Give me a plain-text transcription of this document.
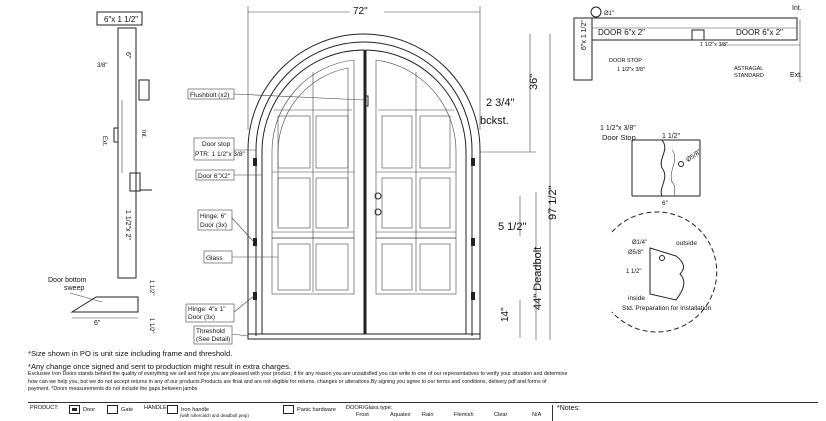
6"x 1 1/2"
6"
3/8"
Int.
Ext.
1 1/2"x 2"
Door bottom
sweep
6"
1 1/2"
1 1/2"
72"
Flushbolt (x2)
Door stop
PTR: 1 1/2"x 3/8"
Door 6"X2"
Hinge: 6"
Door (3x)
Glass
Hinge: 4"x 1"
Door (3x)
Threshold
(See Detail)
36"
97 1/2"
44" Deadbolt
5 1/2"
14"
2 3/4"
bckst.
DOOR 6"x 2"	DOOR 6"x 2"
6"x 1 1/2"
Ø1"
DOOR STOP
1 1/2"x 3/8"
1 1/2"x 3/8"
ASTRAGAL
STANDARD
Int.
Ext.
1 1/2"x 3/8"
Door Stop	1 1/2"
Ø5/8"
6"
Ø1/4"	outside
Ø5/8"
1 1/2"
inside
Std. Preparation for Installation
*Size shown in PO is unit size including frame and threshold.
*Any change once signed and sent to production might result in extra charges.
Exclusive Iron Doors stands behind the quality of everything we sell and hope you are pleased with your product, if for any reason you are unsatisfied you can write to one of our representatives to verify your situation and determine how can we help you, but we do not accept returns in any of our products.Products are final and are not eligible for returns, changes or alterations.By signing you agree to our terms and conditions, delivery pdf and forms of payment. *Doors measurements do not include the gaps between jambs
PRODUCT:	Door	Gate HANDLE	Iron handle
(with rollercatch and deadbolt prep)
Panic hardware DOOR/Glass type:
Frost	Aquatex Rain	Flemish	Clear	N/A
*Notes:
